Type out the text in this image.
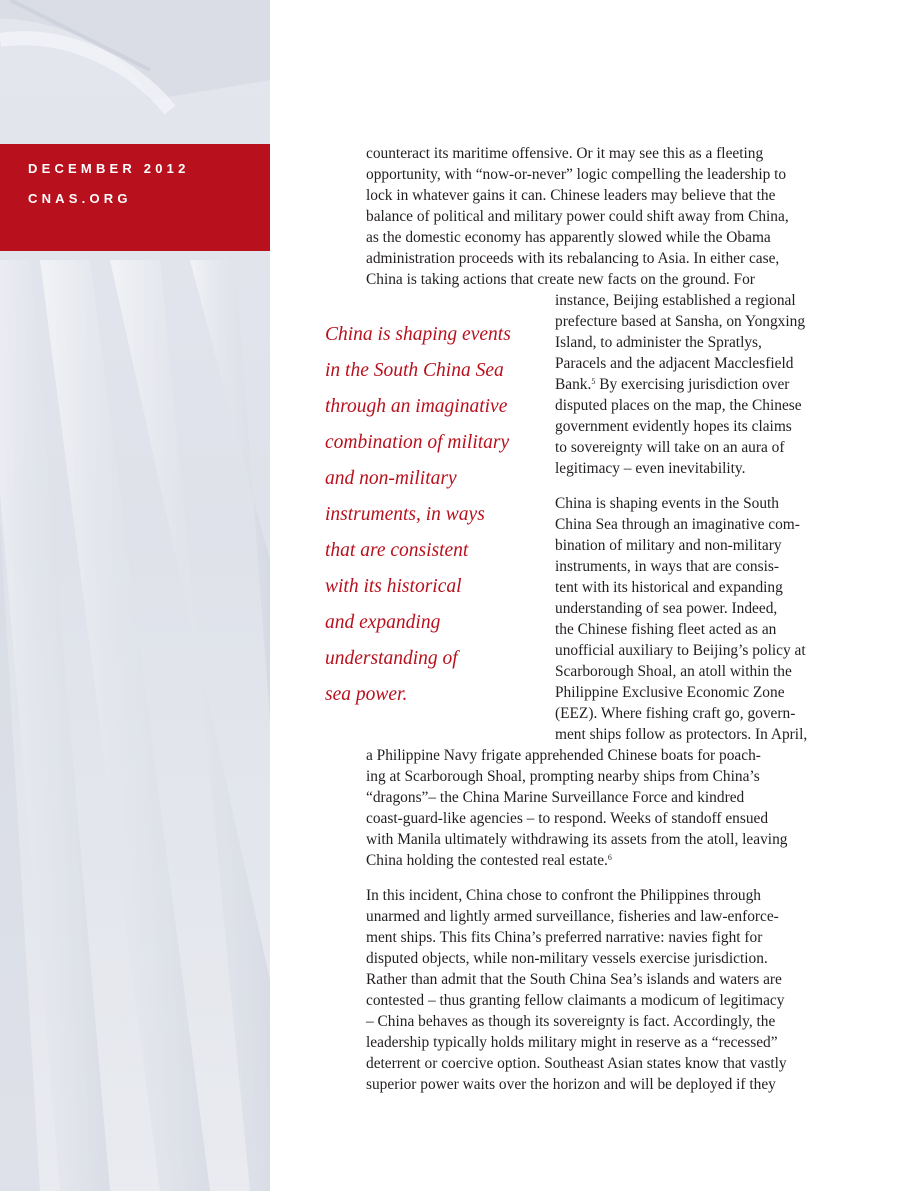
DECEMBER 2012
CNAS.ORG
China is shaping events
in the South China Sea
through an imaginative
combination of military
and non-military
instruments, in ways
that are consistent
with its historical
and expanding
understanding of
sea power.
counteract its maritime offensive. Or it may see this as a fleeting
opportunity, with “now-or-never” logic compelling the leadership to
lock in whatever gains it can. Chinese leaders may believe that the
balance of political and military power could shift away from China,
as the domestic economy has apparently slowed while the Obama
administration proceeds with its rebalancing to Asia. In either case,
China is taking actions that create new facts on the ground. For
instance, Beijing established a regional
prefecture based at Sansha, on Yongxing
Island, to administer the Spratlys,
Paracels and the adjacent Macclesfield
Bank.$^5$ By exercising jurisdiction over
disputed places on the map, the Chinese
government evidently hopes its claims
to sovereignty will take on an aura of
legitimacy – even inevitability.
China is shaping events in the South
China Sea through an imaginative com-
bination of military and non-military
instruments, in ways that are consis-
tent with its historical and expanding
understanding of sea power. Indeed,
the Chinese fishing fleet acted as an
unofficial auxiliary to Beijing’s policy at
Scarborough Shoal, an atoll within the
Philippine Exclusive Economic Zone
(EEZ). Where fishing craft go, govern-
ment ships follow as protectors. In April,
a Philippine Navy frigate apprehended Chinese boats for poach-
ing at Scarborough Shoal, prompting nearby ships from China’s
“dragons”– the China Marine Surveillance Force and kindred
coast-guard-like agencies – to respond. Weeks of standoff ensued
with Manila ultimately withdrawing its assets from the atoll, leaving
China holding the contested real estate.$^6$
In this incident, China chose to confront the Philippines through
unarmed and lightly armed surveillance, fisheries and law-enforce-
ment ships. This fits China’s preferred narrative: navies fight for
disputed objects, while non-military vessels exercise jurisdiction.
Rather than admit that the South China Sea’s islands and waters are
contested – thus granting fellow claimants a modicum of legitimacy
– China behaves as though its sovereignty is fact. Accordingly, the
leadership typically holds military might in reserve as a “recessed”
deterrent or coercive option. Southeast Asian states know that vastly
superior power waits over the horizon and will be deployed if they
